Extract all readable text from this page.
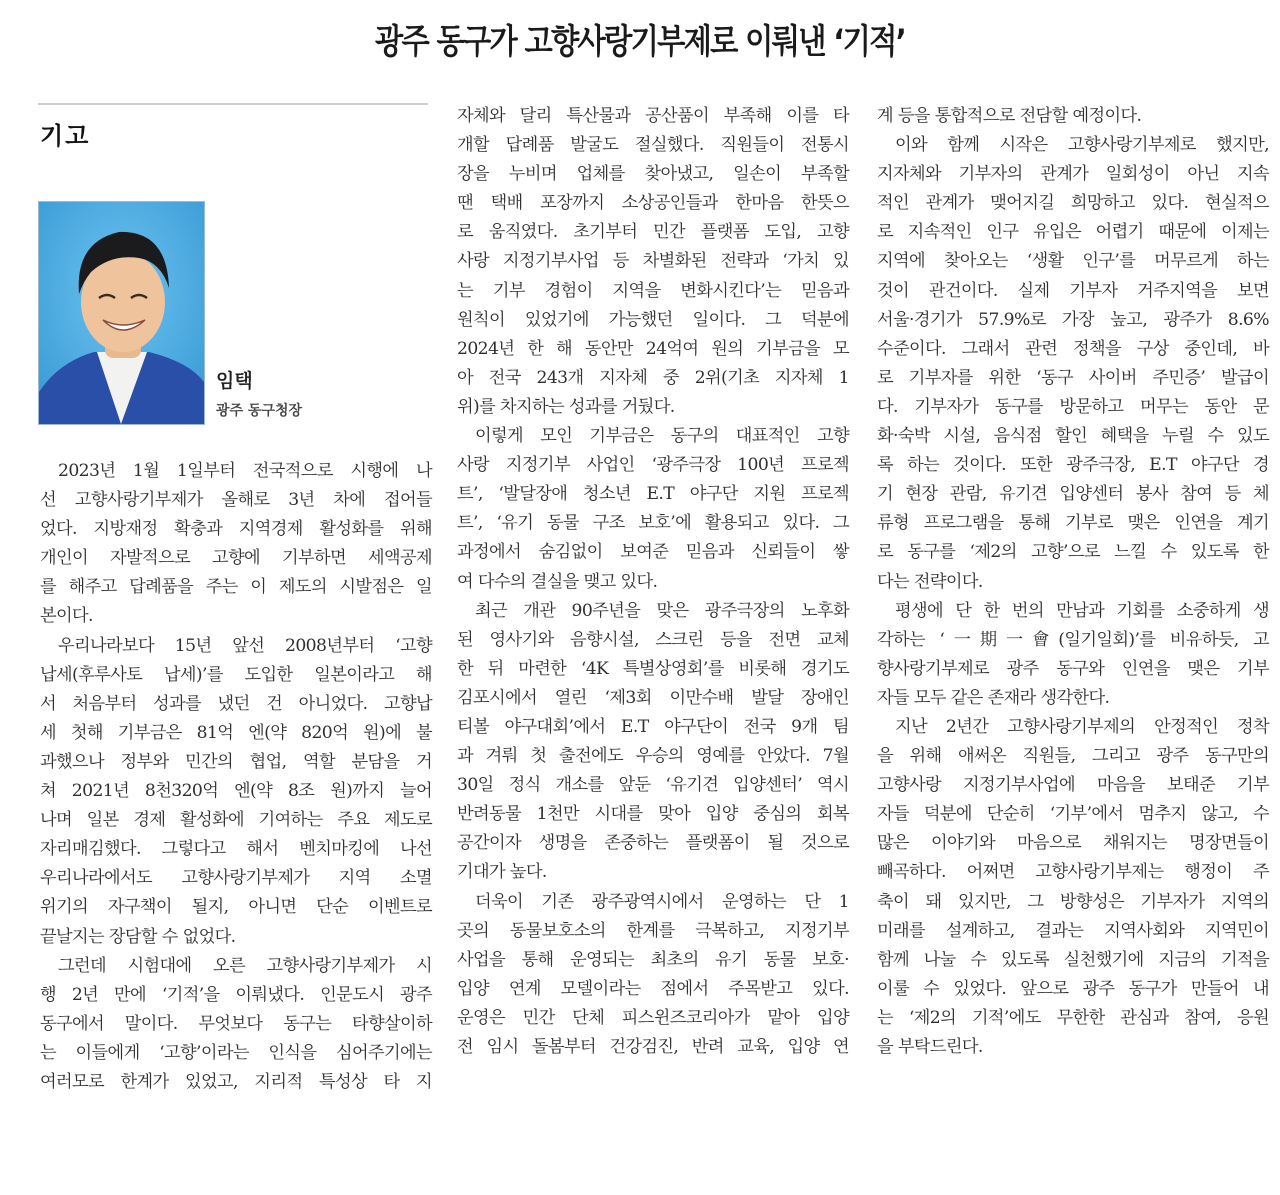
광주 동구가 고향사랑기부제로 이뤄낸 ‘기적’
기고
임택
광주 동구청장
2023년 1월 1일부터 전국적으로 시행에 나
선 고향사랑기부제가 올해로 3년 차에 접어들
었다. 지방재정 확충과 지역경제 활성화를 위해
개인이 자발적으로 고향에 기부하면 세액공제
를 해주고 답례품을 주는 이 제도의 시발점은 일
본이다.
우리나라보다 15년 앞선 2008년부터 ‘고향
납세(후루사토 납세)’를 도입한 일본이라고 해
서 처음부터 성과를 냈던 건 아니었다. 고향납
세 첫해 기부금은 81억 엔(약 820억 원)에 불
과했으나 정부와 민간의 협업, 역할 분담을 거
쳐 2021년 8천320억 엔(약 8조 원)까지 늘어
나며 일본 경제 활성화에 기여하는 주요 제도로
자리매김했다. 그렇다고 해서 벤치마킹에 나선
우리나라에서도 고향사랑기부제가 지역 소멸
위기의 자구책이 될지, 아니면 단순 이벤트로
끝날지는 장담할 수 없었다.
그런데 시험대에 오른 고향사랑기부제가 시
행 2년 만에 ‘기적’을 이뤄냈다. 인문도시 광주
동구에서 말이다. 무엇보다 동구는 타향살이하
는 이들에게 ‘고향’이라는 인식을 심어주기에는
여러모로 한계가 있었고, 지리적 특성상 타 지
자체와 달리 특산물과 공산품이 부족해 이를 타
개할 답례품 발굴도 절실했다. 직원들이 전통시
장을 누비며 업체를 찾아냈고, 일손이 부족할
땐 택배 포장까지 소상공인들과 한마음 한뜻으
로 움직였다. 초기부터 민간 플랫폼 도입, 고향
사랑 지정기부사업 등 차별화된 전략과 ‘가치 있
는 기부 경험이 지역을 변화시킨다’는 믿음과
원칙이 있었기에 가능했던 일이다. 그 덕분에
2024년 한 해 동안만 24억여 원의 기부금을 모
아 전국 243개 지자체 중 2위(기초 지자체 1
위)를 차지하는 성과를 거뒀다.
이렇게 모인 기부금은 동구의 대표적인 고향
사랑 지정기부 사업인 ‘광주극장 100년 프로젝
트’, ‘발달장애 청소년 E.T 야구단 지원 프로젝
트’, ‘유기 동물 구조 보호’에 활용되고 있다. 그
과정에서 숨김없이 보여준 믿음과 신뢰들이 쌓
여 다수의 결실을 맺고 있다.
최근 개관 90주년을 맞은 광주극장의 노후화
된 영사기와 음향시설, 스크린 등을 전면 교체
한 뒤 마련한 ‘4K 특별상영회’를 비롯해 경기도
김포시에서 열린 ‘제3회 이만수배 발달 장애인
티볼 야구대회’에서 E.T 야구단이 전국 9개 팀
과 겨뤄 첫 출전에도 우승의 영예를 안았다. 7월
30일 정식 개소를 앞둔 ‘유기견 입양센터’ 역시
반려동물 1천만 시대를 맞아 입양 중심의 회복
공간이자 생명을 존중하는 플랫폼이 될 것으로
기대가 높다.
더욱이 기존 광주광역시에서 운영하는 단 1
곳의 동물보호소의 한계를 극복하고, 지정기부
사업을 통해 운영되는 최초의 유기 동물 보호·
입양 연계 모델이라는 점에서 주목받고 있다.
운영은 민간 단체 피스윈즈코리아가 맡아 입양
전 임시 돌봄부터 건강검진, 반려 교육, 입양 연
계 등을 통합적으로 전담할 예정이다.
이와 함께 시작은 고향사랑기부제로 했지만,
지자체와 기부자의 관계가 일회성이 아닌 지속
적인 관계가 맺어지길 희망하고 있다. 현실적으
로 지속적인 인구 유입은 어렵기 때문에 이제는
지역에 찾아오는 ‘생활 인구’를 머무르게 하는
것이 관건이다. 실제 기부자 거주지역을 보면
서울·경기가 57.9%로 가장 높고, 광주가 8.6%
수준이다. 그래서 관련 정책을 구상 중인데, 바
로 기부자를 위한 ‘동구 사이버 주민증’ 발급이
다. 기부자가 동구를 방문하고 머무는 동안 문
화·숙박 시설, 음식점 할인 혜택을 누릴 수 있도
록 하는 것이다. 또한 광주극장, E.T 야구단 경
기 현장 관람, 유기견 입양센터 봉사 참여 등 체
류형 프로그램을 통해 기부로 맺은 인연을 계기
로 동구를 ‘제2의 고향’으로 느낄 수 있도록 한
다는 전략이다.
평생에 단 한 번의 만남과 기회를 소중하게 생
각하는 ‘一期一會(일기일회)’를 비유하듯, 고
향사랑기부제로 광주 동구와 인연을 맺은 기부
자들 모두 같은 존재라 생각한다.
지난 2년간 고향사랑기부제의 안정적인 정착
을 위해 애써온 직원들, 그리고 광주 동구만의
고향사랑 지정기부사업에 마음을 보태준 기부
자들 덕분에 단순히 ‘기부’에서 멈추지 않고, 수
많은 이야기와 마음으로 채워지는 명장면들이
빼곡하다. 어쩌면 고향사랑기부제는 행정이 주
축이 돼 있지만, 그 방향성은 기부자가 지역의
미래를 설계하고, 결과는 지역사회와 지역민이
함께 나눌 수 있도록 실천했기에 지금의 기적을
이룰 수 있었다. 앞으로 광주 동구가 만들어 내
는 ‘제2의 기적’에도 무한한 관심과 참여, 응원
을 부탁드린다.
